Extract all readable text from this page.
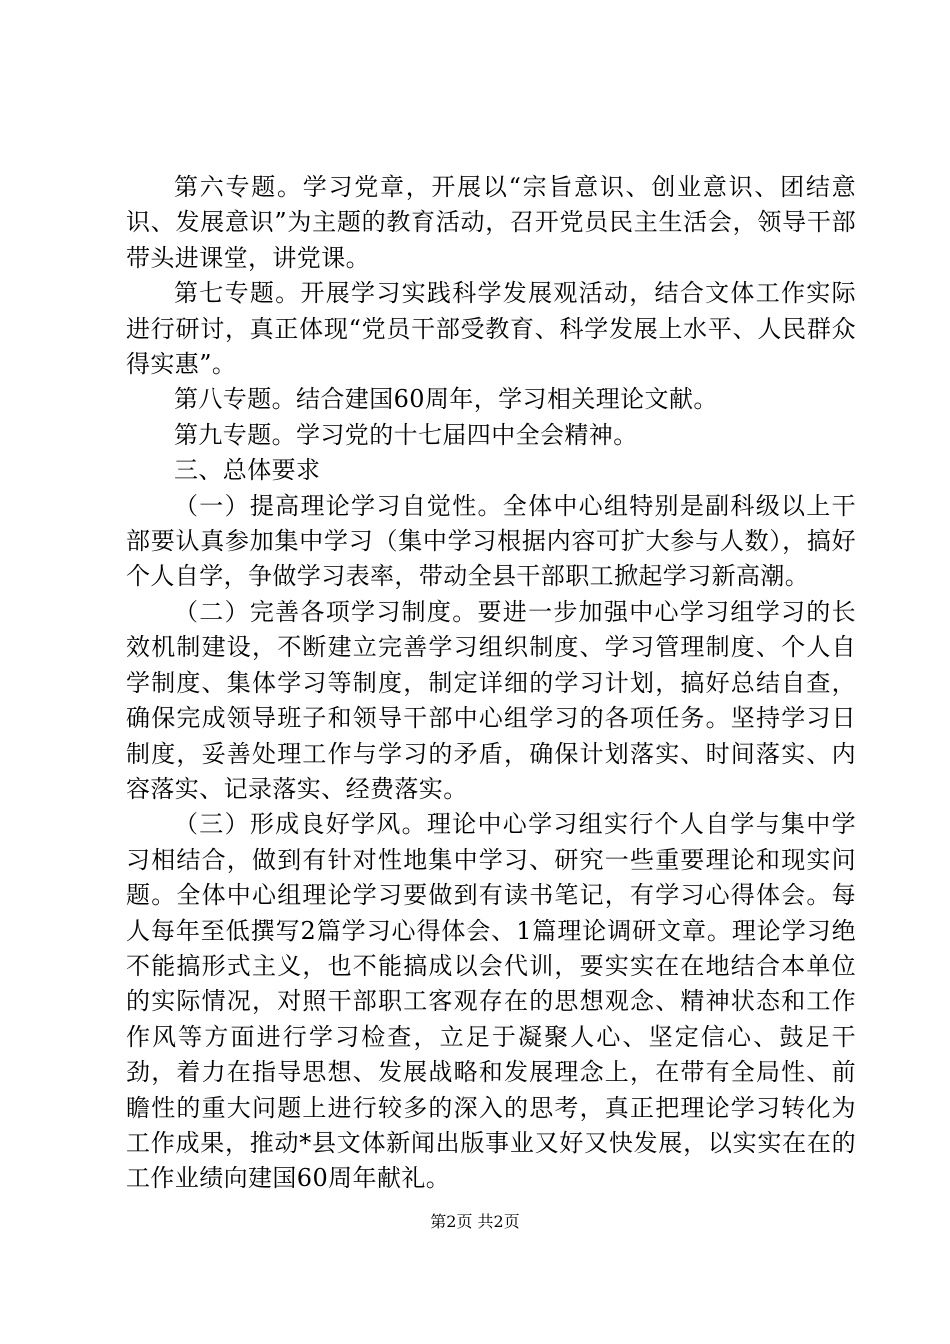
第六专题。学习党章，开展以“宗旨意识、创业意识、团结意识、发展意识”为主题的教育活动，召开党员民主生活会，领导干部带头进课堂，讲党课。

第七专题。开展学习实践科学发展观活动，结合文体工作实际进行研讨，真正体现“党员干部受教育、科学发展上水平、人民群众得实惠”。

第八专题。结合建国60周年，学习相关理论文献。

第九专题。学习党的十七届四中全会精神。

三、总体要求

（一）提高理论学习自觉性。全体中心组特别是副科级以上干部要认真参加集中学习（集中学习根据内容可扩大参与人数），搞好个人自学，争做学习表率，带动全县干部职工掀起学习新高潮。

（二）完善各项学习制度。要进一步加强中心学习组学习的长效机制建设，不断建立完善学习组织制度、学习管理制度、个人自学制度、集体学习等制度，制定详细的学习计划，搞好总结自查，确保完成领导班子和领导干部中心组学习的各项任务。坚持学习日制度，妥善处理工作与学习的矛盾，确保计划落实、时间落实、内容落实、记录落实、经费落实。

（三）形成良好学风。理论中心学习组实行个人自学与集中学习相结合，做到有针对性地集中学习、研究一些重要理论和现实问题。全体中心组理论学习要做到有读书笔记，有学习心得体会。每人每年至低撰写2篇学习心得体会、1篇理论调研文章。理论学习绝不能搞形式主义，也不能搞成以会代训，要实实在在地结合本单位的实际情况，对照干部职工客观存在的思想观念、精神状态和工作作风等方面进行学习检查，立足于凝聚人心、坚定信心、鼓足干劲，着力在指导思想、发展战略和发展理念上，在带有全局性、前瞻性的重大问题上进行较多的深入的思考，真正把理论学习转化为工作成果，推动*县文体新闻出版事业又好又快发展，以实实在在的工作业绩向建国60周年献礼。

第2页 共2页
